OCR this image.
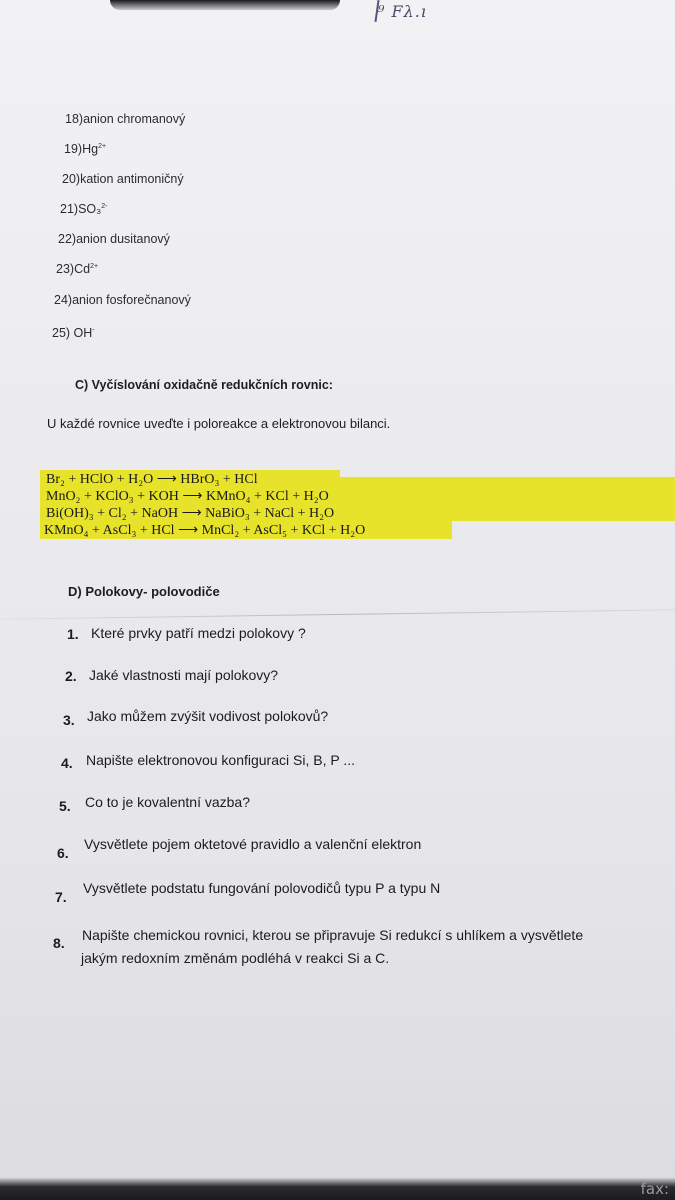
⁹ Fλ.ı
18)anion chromanový
$19)Hg^{2+}$
20)kation antimoničný
21)SO₃$^{2-}$
22)anion dusitanový
$23)Cd^{2+}$
24)anion fosforečnanový
25) OH-
C) Vyčíslování oxidačně redukčních rovnic:
U každé rovnice uveďte i poloreakce a elektronovou bilanci.
Br₂ + HClO + H₂O ⟶ HBrO₃ + HCl
MnO₂ + KClO₃ + KOH ⟶ KMnO₄ + KCl + H₂O
Bi(OH)₃ + Cl₂ + NaOH ⟶ NaBiO₃ + NaCl + H₂O
KMnO₄ + AsCl₃ + HCl ⟶ MnCl₂ + AsCl₅ + KCl + H₂O
D) Polokovy- polovodiče
1. Které prvky patří medzi polokovy ?
2. Jaké vlastnosti mají polokovy?
3. Jako můžem zvýšit vodivost polokovů?
4. Napište elektronovou konfiguraci Si, B, P ...
5. Co to je kovalentní vazba?
6.
Vysvětlete pojem oktetové pravidlo a valenční elektron
7.
Vysvětlete podstatu fungování polovodičů typu P a typu N
8. Napište chemickou rovnici, kterou se připravuje Si redukcí s uhlíkem a vysvětlete
jakým redoxním změnám podléhá v reakci Si a C.
fax:
